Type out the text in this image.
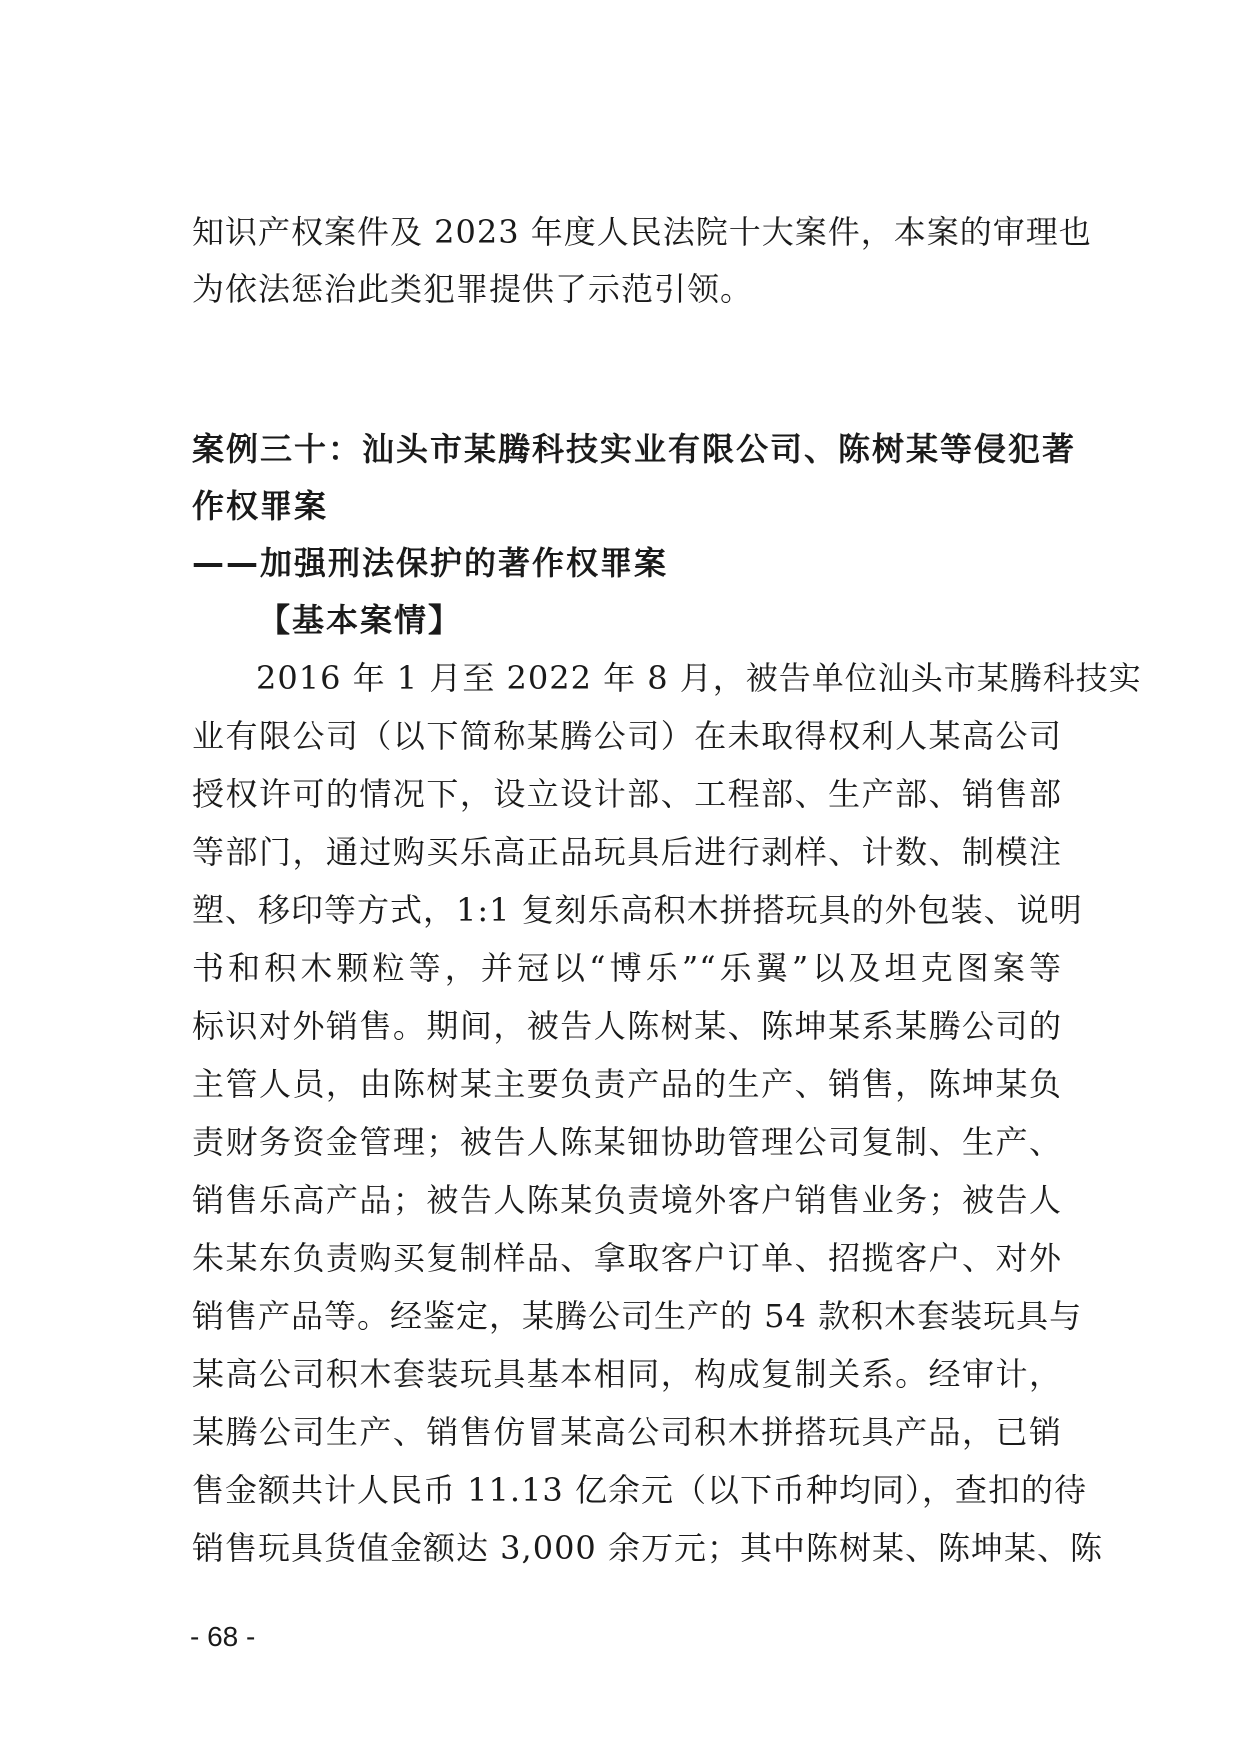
知识产权案件及 2023 年度人民法院十大案件，本案的审理也
为依法惩治此类犯罪提供了示范引领。
案例三十：汕头市某腾科技实业有限公司、陈树某等侵犯著
作权罪案
——加强刑法保护的著作权罪案
【基本案情】
2016 年 1 月至 2022 年 8 月，被告单位汕头市某腾科技实
业有限公司（以下简称某腾公司）在未取得权利人某高公司
授权许可的情况下，设立设计部、工程部、生产部、销售部
等部门，通过购买乐高正品玩具后进行剥样、计数、制模注
塑、移印等方式，1:1 复刻乐高积木拼搭玩具的外包装、说明
书和积木颗粒等，并冠以“博乐”“乐翼”以及坦克图案等
标识对外销售。期间，被告人陈树某、陈坤某系某腾公司的
主管人员，由陈树某主要负责产品的生产、销售，陈坤某负
责财务资金管理；被告人陈某钿协助管理公司复制、生产、
销售乐高产品；被告人陈某负责境外客户销售业务；被告人
朱某东负责购买复制样品、拿取客户订单、招揽客户、对外
销售产品等。经鉴定，某腾公司生产的 54 款积木套装玩具与
某高公司积木套装玩具基本相同，构成复制关系。经审计，
某腾公司生产、销售仿冒某高公司积木拼搭玩具产品，已销
售金额共计人民币 11.13 亿余元（以下币种均同），查扣的待
销售玩具货值金额达 3,000 余万元；其中陈树某、陈坤某、陈
- 68 -
